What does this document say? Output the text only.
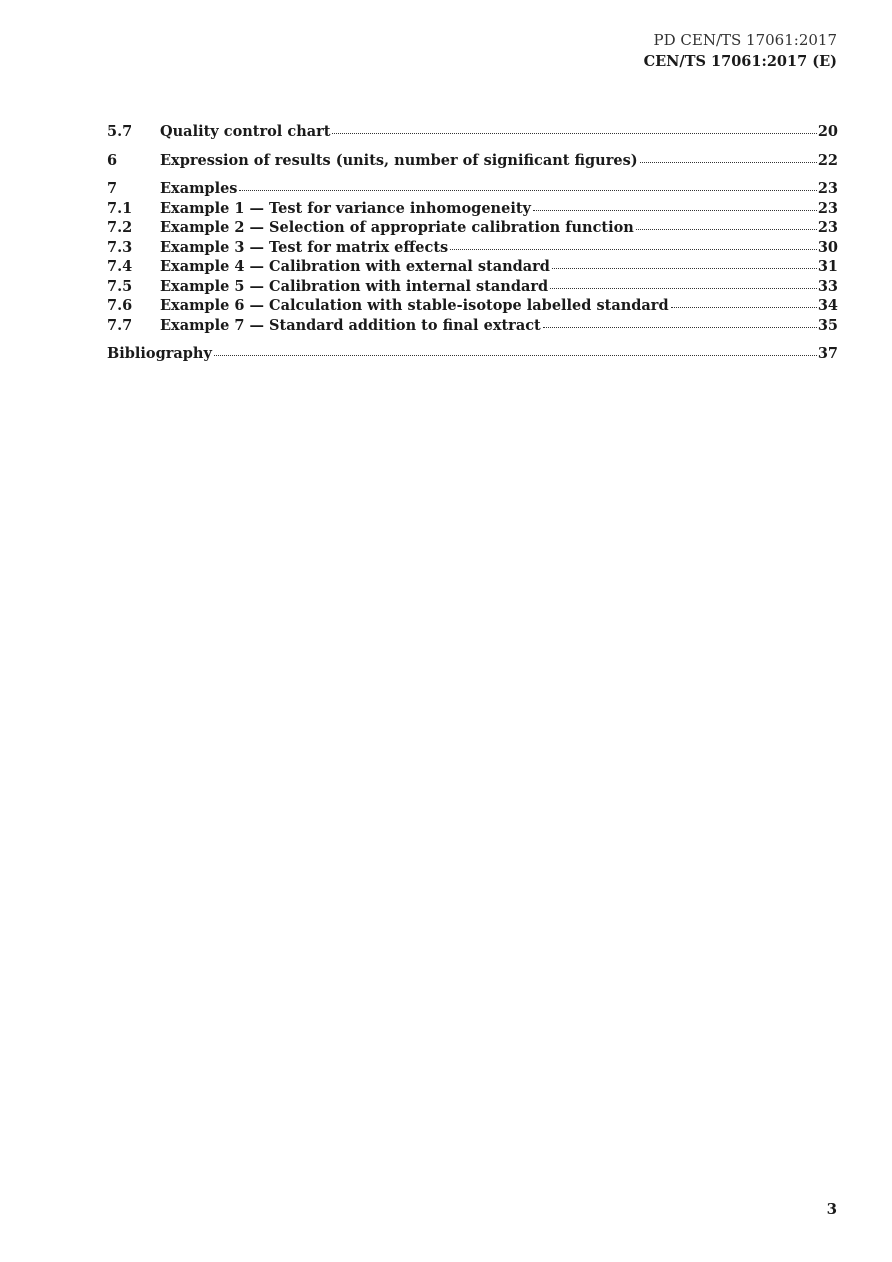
PD CEN/TS 17061:2017
CEN/TS 17061:2017 (E)
5.7	Quality control chart	20
6	Expression of results (units, number of significant figures)	22
7	Examples	23
7.1	Example 1 — Test for variance inhomogeneity	23
7.2	Example 2 — Selection of appropriate calibration function	23
7.3	Example 3 — Test for matrix effects	30
7.4	Example 4 — Calibration with external standard	31
7.5	Example 5 — Calibration with internal standard	33
7.6	Example 6 — Calculation with stable-isotope labelled standard	34
7.7	Example 7 — Standard addition to final extract	35
Bibliography	37
3
